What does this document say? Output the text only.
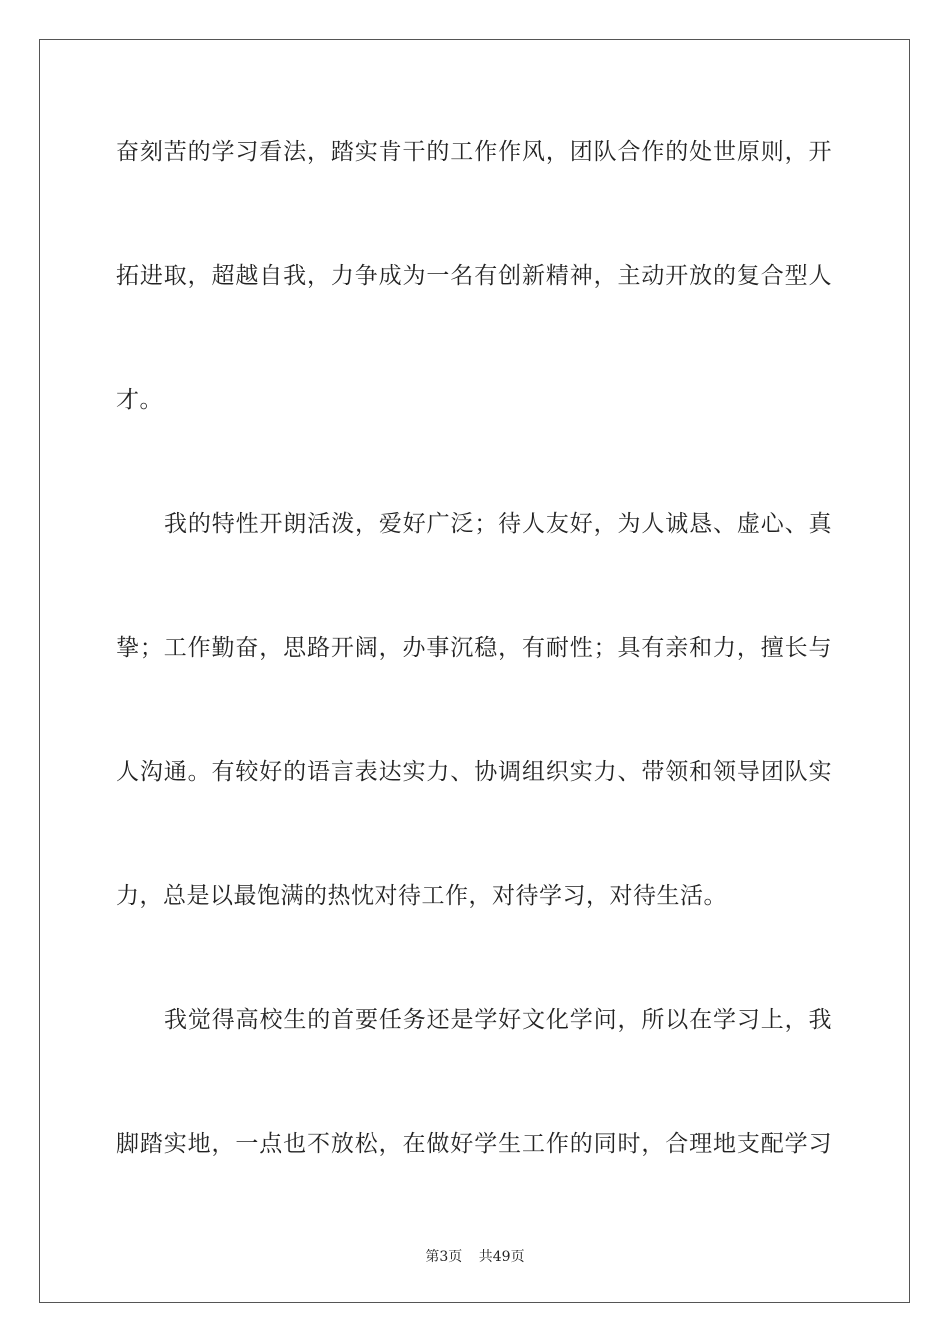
奋刻苦的学习看法，踏实肯干的工作作风，团队合作的处世原则，开
拓进取，超越自我，力争成为一名有创新精神，主动开放的复合型人
才。
我的特性开朗活泼，爱好广泛；待人友好，为人诚恳、虚心、真
挚；工作勤奋，思路开阔，办事沉稳，有耐性；具有亲和力，擅长与
人沟通。有较好的语言表达实力、协调组织实力、带领和领导团队实
力，总是以最饱满的热忱对待工作，对待学习，对待生活。
我觉得高校生的首要任务还是学好文化学问，所以在学习上，我
脚踏实地，一点也不放松，在做好学生工作的同时，合理地支配学习
第3页 共49页
